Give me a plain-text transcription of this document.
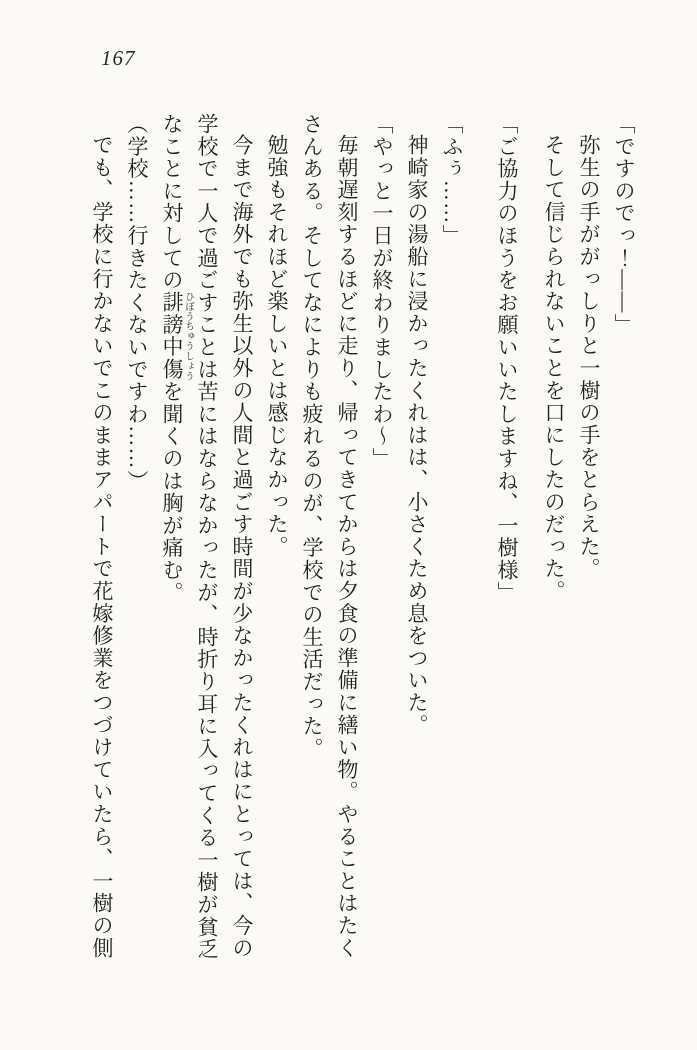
167

「ですのでっ！――」

弥生の手ががっしりと一樹の手をとらえた。

そして信じられないことを口にしたのだった。

「ご協力のほうをお願いいたしますね、一樹様」

「ふぅ……」

神崎家の湯船に浸かったくれはは、小さくため息をついた。

「やっと一日が終わりましたわ～」

毎朝遅刻するほどに走り、帰ってきてからは夕食の準備に繕い物。やることはたくさんある。そしてなによりも疲れるのが、学校での生活だった。

勉強もそれほど楽しいとは感じなかった。

今まで海外でも弥生以外の人間と過ごす時間が少なかったくれはにとっては、今の学校で一人で過ごすことは苦にはならなかったが、時折り耳に入ってくる一樹が貧乏なことに対しての誹謗中傷 ひぼうちゅうしょうを聞くのは胸が痛む。

（学校……行きたくないですわ……）

でも、学校に行かないでこのままアパートで花嫁修業をつづけていたら、一樹の側
